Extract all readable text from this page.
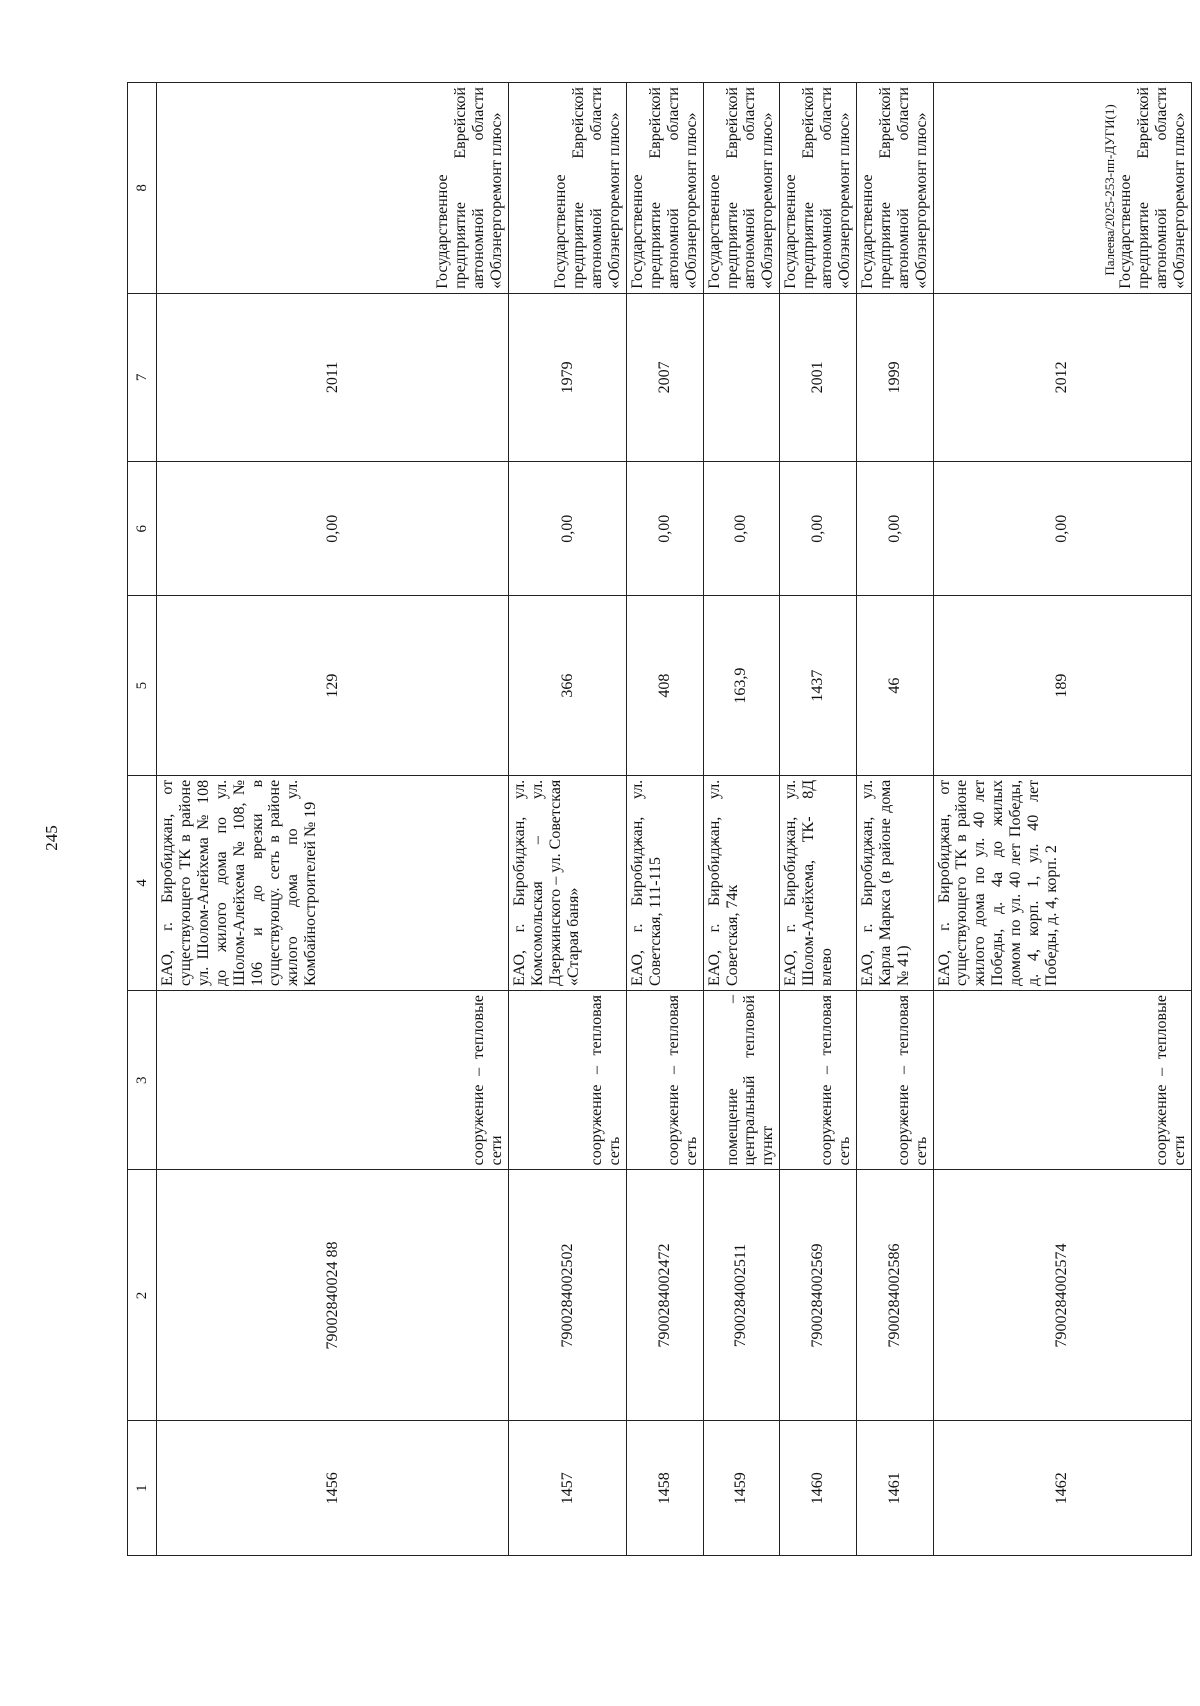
245
Палеева/2025-253-пп-ДУГИ(1)
1	2	3	4	5	6	7	8
1456	79002840024 88	сооружение – тепловые сети	ЕАО, г. Биробиджан, от существующего ТК в районе ул. Шолом-Алейхема № 108 до жилого дома по ул. Шолом-Алейхема № 108, № 106 и до врезки в существующу. сеть в районе жилого дома по ул. Комбайностроителей № 19	129	0,00	2011	Государственное предприятие Еврейской автономной области «Облэнергоремонт плюс»
1457	7900284002502	сооружение – тепловая сеть	ЕАО, г. Биробиджан, ул. Комсомольская – ул. Дзержинского – ул. Советская «Старая баня»	366	0,00	1979	Государственное предприятие Еврейской автономной области «Облэнергоремонт плюс»
1458	7900284002472	сооружение – тепловая сеть	ЕАО, г. Биробиджан, ул. Советская, 111-115	408	0,00	2007	Государственное предприятие Еврейской автономной области «Облэнергоремонт плюс»
1459	7900284002511	помещение – центральный тепловой пункт	ЕАО, г. Биробиджан, ул. Советская, 74к	163,9	0,00		Государственное предприятие Еврейской автономной области «Облэнергоремонт плюс»
1460	7900284002569	сооружение – тепловая сеть	ЕАО, г. Биробиджан, ул. Шолом-Алейхема, ТК- 8Д влево	1437	0,00	2001	Государственное предприятие Еврейской автономной области «Облэнергоремонт плюс»
1461	7900284002586	сооружение – тепловая сеть	ЕАО, г. Биробиджан, ул. Карла Маркса (в районе дома № 41)	46	0,00	1999	Государственное предприятие Еврейской автономной области «Облэнергоремонт плюс»
1462	7900284002574	сооружение – тепловые сети	ЕАО, г. Биробиджан, от существующего ТК в районе жилого дома по ул. 40 лет Победы, д. 4а до жилых домом по ул. 40 лет Победы, д. 4, корп. 1, ул. 40 лет Победы, д. 4, корп. 2	189	0,00	2012	Государственное предприятие Еврейской автономной области «Облэнергоремонт плюс»
